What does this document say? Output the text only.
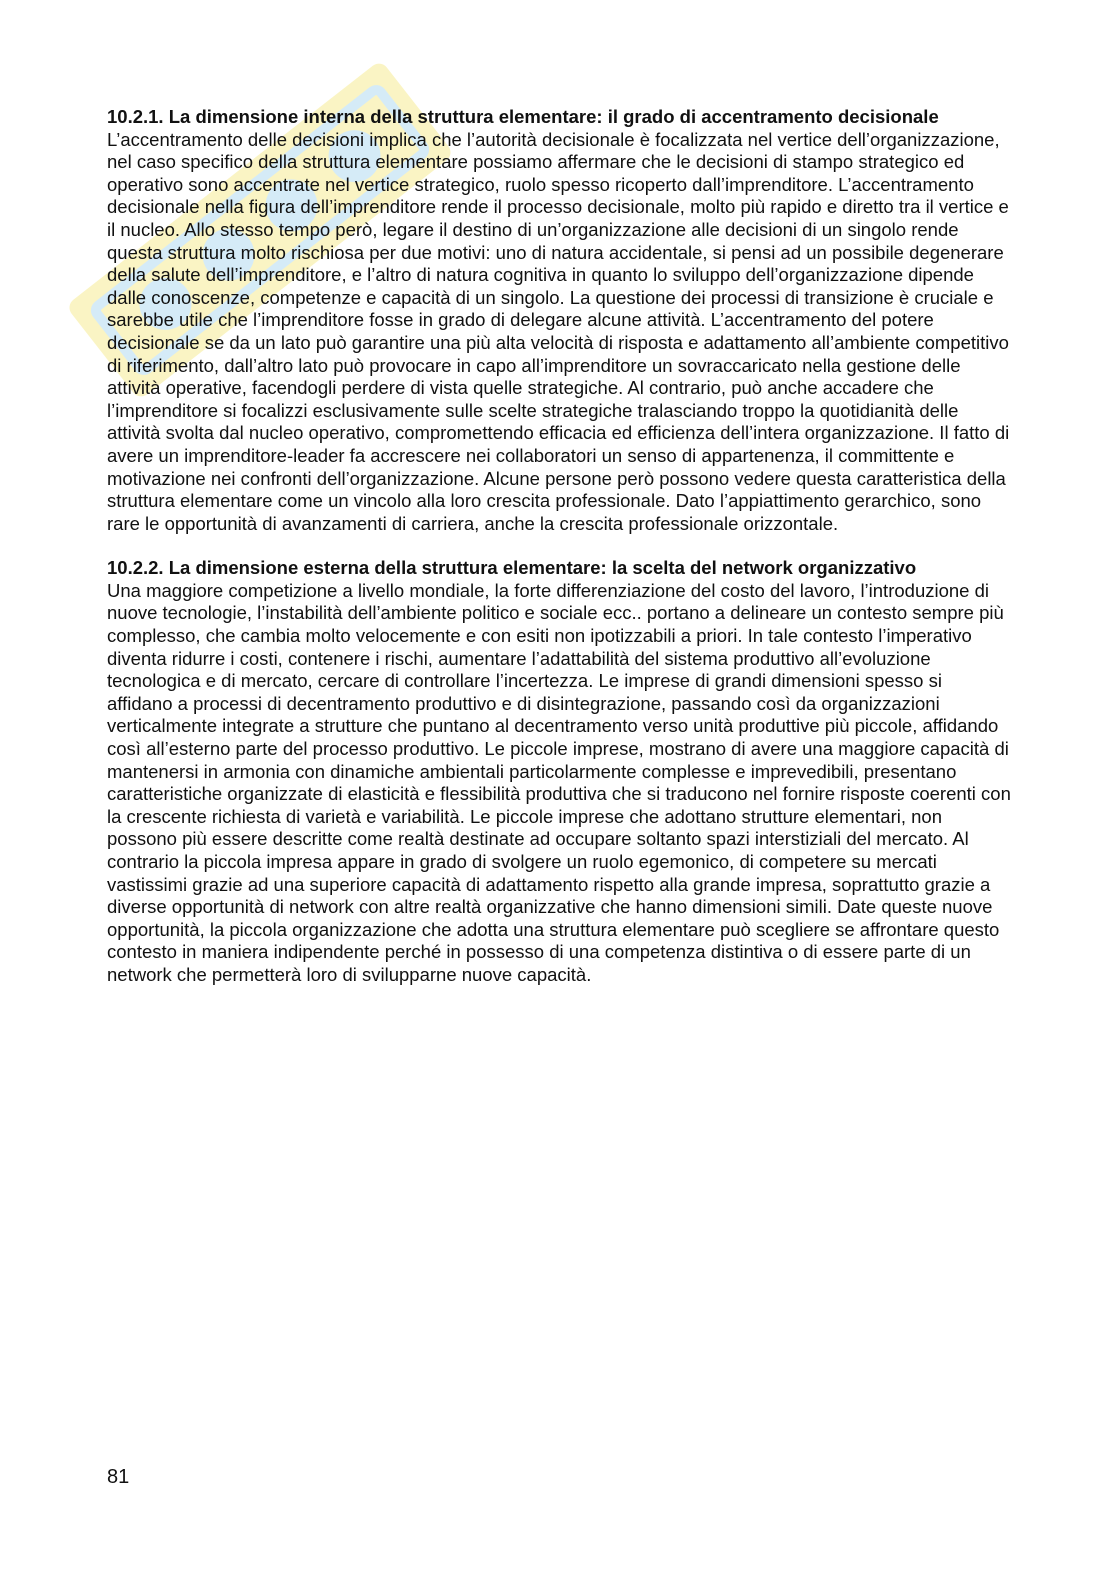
10.2.1. La dimensione interna della struttura elementare: il grado di accentramento decisionale

L’accentramento delle decisioni implica che l’autorità decisionale è focalizzata nel vertice dell’organizzazione, nel caso specifico della struttura elementare possiamo affermare che le decisioni di stampo strategico ed operativo sono accentrate nel vertice strategico, ruolo spesso ricoperto dall’imprenditore. L’accentramento decisionale nella figura dell’imprenditore rende il processo decisionale, molto più rapido e diretto tra il vertice e il nucleo. Allo stesso tempo però, legare il destino di un’organizzazione alle decisioni di un singolo rende questa struttura molto rischiosa per due motivi: uno di natura accidentale, si pensi ad un possibile degenerare della salute dell’imprenditore, e l’altro di natura cognitiva in quanto lo sviluppo dell’organizzazione dipende dalle conoscenze, competenze e capacità di un singolo. La questione dei processi di transizione è cruciale e sarebbe utile che l’imprenditore fosse in grado di delegare alcune attività. L’accentramento del potere decisionale se da un lato può garantire una più alta velocità di risposta e adattamento all’ambiente competitivo di riferimento, dall’altro lato può provocare in capo all’imprenditore un sovraccaricato nella gestione delle attività operative, facendogli perdere di vista quelle strategiche. Al contrario, può anche accadere che l’imprenditore si focalizzi esclusivamente sulle scelte strategiche tralasciando troppo la quotidianità delle attività svolta dal nucleo operativo, compromettendo efficacia ed efficienza dell’intera organizzazione. Il fatto di avere un imprenditore-leader fa accrescere nei collaboratori un senso di appartenenza, il committente e motivazione nei confronti dell’organizzazione. Alcune persone però possono vedere questa caratteristica della struttura elementare come un vincolo alla loro crescita professionale. Dato l’appiattimento gerarchico, sono rare le opportunità di avanzamenti di carriera, anche la crescita professionale orizzontale.

10.2.2. La dimensione esterna della struttura elementare: la scelta del network organizzativo

Una maggiore competizione a livello mondiale, la forte differenziazione del costo del lavoro, l’introduzione di nuove tecnologie, l’instabilità dell’ambiente politico e sociale ecc.. portano a delineare un contesto sempre più complesso, che cambia molto velocemente e con esiti non ipotizzabili a priori. In tale contesto l’imperativo diventa ridurre i costi, contenere i rischi, aumentare l’adattabilità del sistema produttivo all’evoluzione tecnologica e di mercato, cercare di controllare l’incertezza. Le imprese di grandi dimensioni spesso si affidano a processi di decentramento produttivo e di disintegrazione, passando così da organizzazioni verticalmente integrate a strutture che puntano al decentramento verso unità produttive più piccole, affidando così all’esterno parte del processo produttivo. Le piccole imprese, mostrano di avere una maggiore capacità di mantenersi in armonia con dinamiche ambientali particolarmente complesse e imprevedibili, presentano caratteristiche organizzate di elasticità e flessibilità produttiva che si traducono nel fornire risposte coerenti con la crescente richiesta di varietà e variabilità. Le piccole imprese che adottano strutture elementari, non possono più essere descritte come realtà destinate ad occupare soltanto spazi interstiziali del mercato. Al contrario la piccola impresa appare in grado di svolgere un ruolo egemonico, di competere su mercati vastissimi grazie ad una superiore capacità di adattamento rispetto alla grande impresa, soprattutto grazie a diverse opportunità di network con altre realtà organizzative che hanno dimensioni simili. Date queste nuove opportunità, la piccola organizzazione che adotta una struttura elementare può scegliere se affrontare questo contesto in maniera indipendente perché in possesso di una competenza distintiva o di essere parte di un network che permetterà loro di svilupparne nuove capacità.

81
